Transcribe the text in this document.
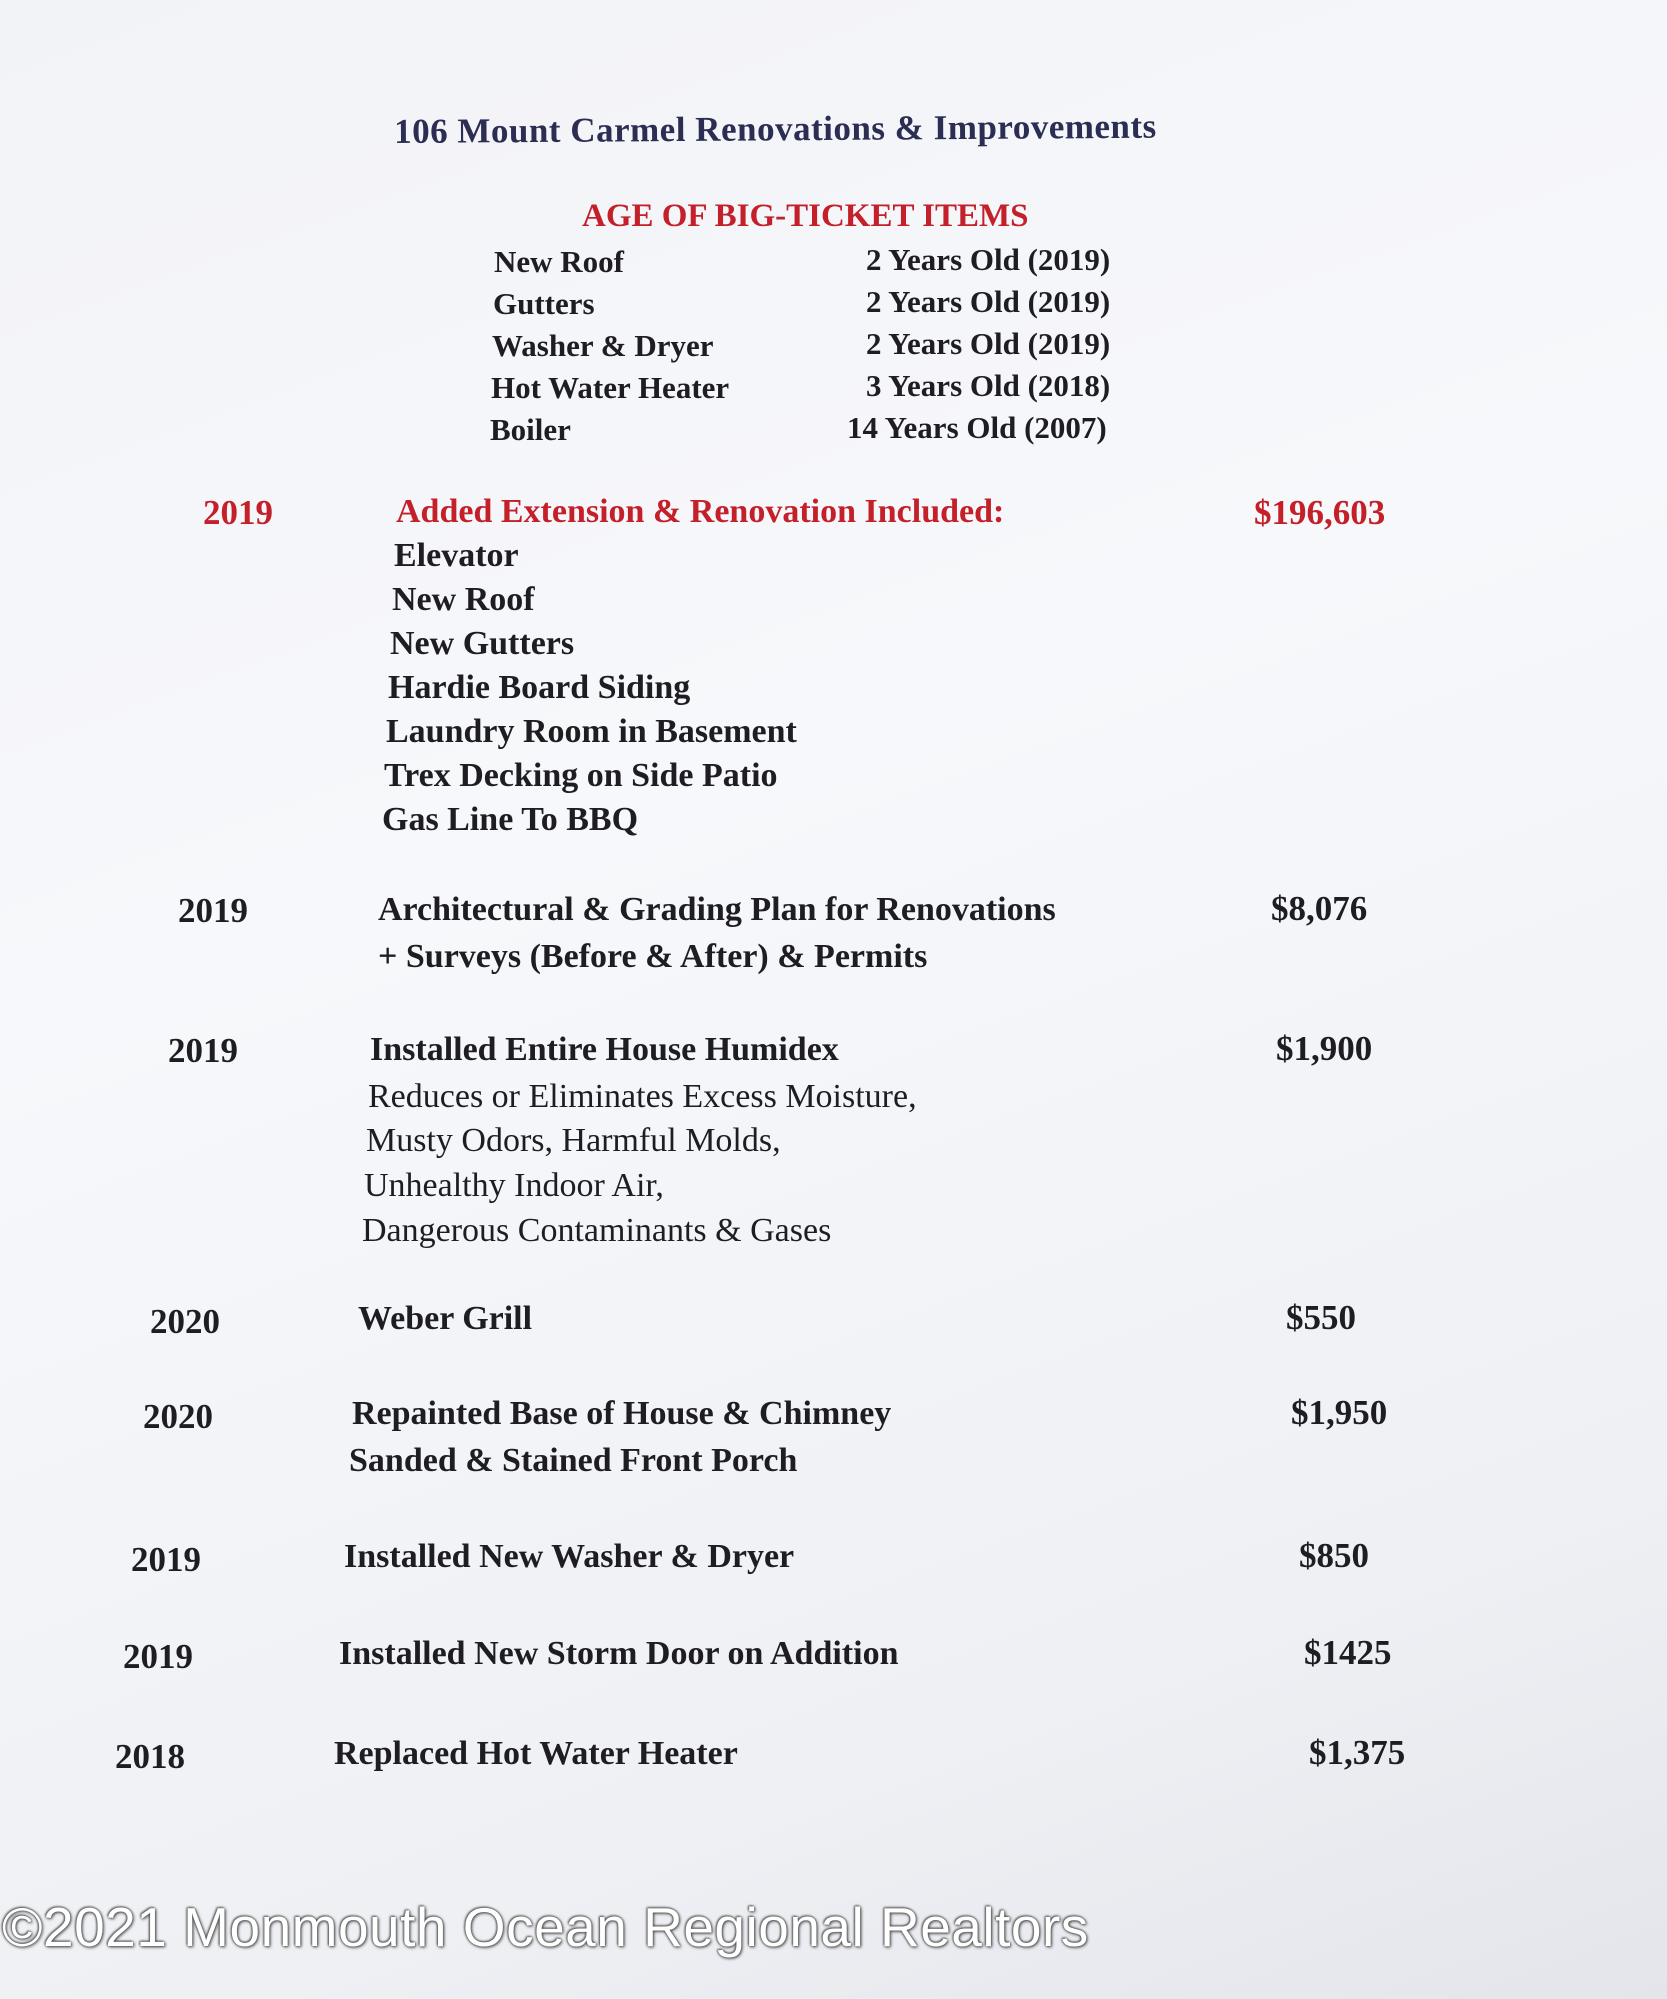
106 Mount Carmel Renovations & Improvements
AGE OF BIG-TICKET ITEMS
New Roof	2 Years Old (2019)
Gutters	2 Years Old (2019)
Washer & Dryer	2 Years Old (2019)
Hot Water Heater	3 Years Old (2018)
Boiler	14 Years Old (2007)
2019	Added Extension & Renovation Included:	$196,603
Elevator
New Roof
New Gutters
Hardie Board Siding
Laundry Room in Basement
Trex Decking on Side Patio
Gas Line To BBQ
2019	Architectural & Grading Plan for Renovations	$8,076
+ Surveys (Before & After) & Permits
2019	Installed Entire House Humidex	$1,900
Reduces or Eliminates Excess Moisture,
Musty Odors, Harmful Molds,
Unhealthy Indoor Air,
Dangerous Contaminants & Gases
2020	Weber Grill	$550
2020	Repainted Base of House & Chimney	$1,950
Sanded & Stained Front Porch
2019	Installed New Washer & Dryer	$850
2019	Installed New Storm Door on Addition	$1425
2018	Replaced Hot Water Heater	$1,375
©2021 Monmouth Ocean Regional Realtors
